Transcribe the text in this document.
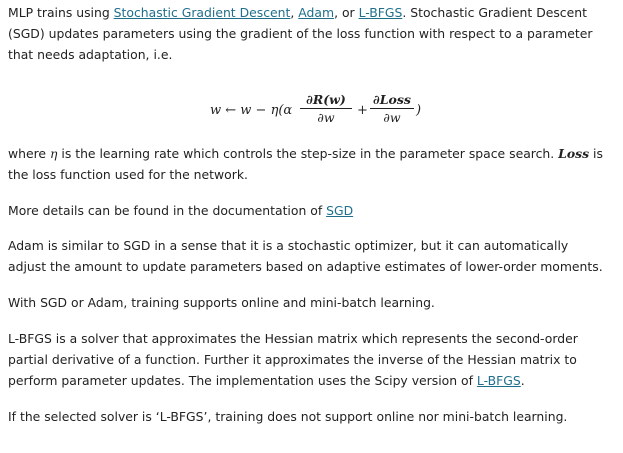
MLP trains using Stochastic Gradient Descent, Adam, or L-BFGS. Stochastic Gradient Descent (SGD) updates parameters using the gradient of the loss function with respect to a parameter that needs adaptation, i.e.

w ← $w - \eta(\alpha \frac{\partial R(w)}{\partial w}$ +
∂Loss
∂w	)

where η is the learning rate which controls the step-size in the parameter space search. Loss is the loss function used for the network.

More details can be found in the documentation of SGD

Adam is similar to SGD in a sense that it is a stochastic optimizer, but it can automatically adjust the amount to update parameters based on adaptive estimates of lower-order moments.

With SGD or Adam, training supports online and mini-batch learning.

L-BFGS is a solver that approximates the Hessian matrix which represents the second-order partial derivative of a function. Further it approximates the inverse of the Hessian matrix to perform parameter updates. The implementation uses the Scipy version of L-BFGS.

If the selected solver is ‘L-BFGS’, training does not support online nor mini-batch learning.
